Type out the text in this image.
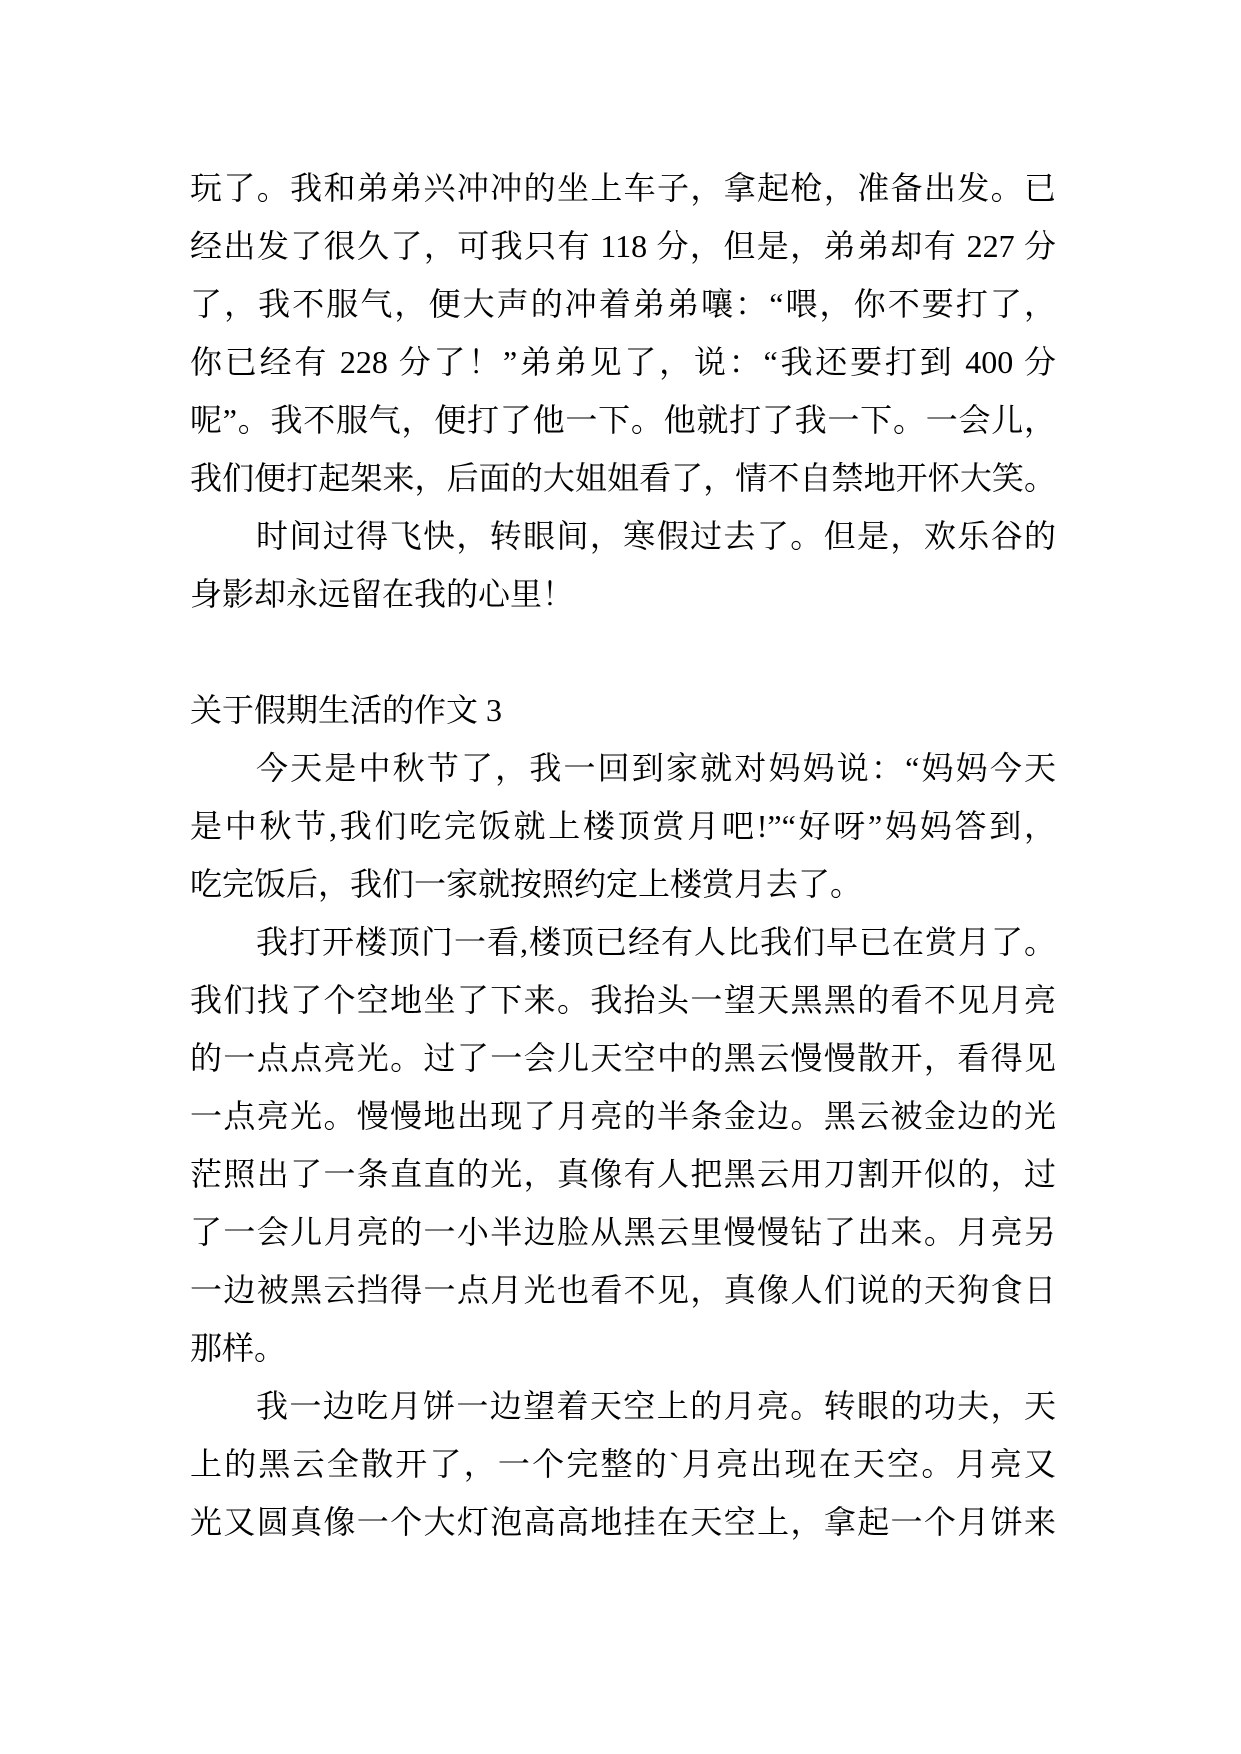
玩了。我和弟弟兴冲冲的坐上车子，拿起枪，准备出发。已
经出发了很久了，可我只有 118 分，但是，弟弟却有 227 分
了，我不服气，便大声的冲着弟弟嚷：“喂，你不要打了，
你已经有 228 分了！”弟弟见了，说：“我还要打到 400 分
呢”。我不服气，便打了他一下。他就打了我一下。一会儿，
我们便打起架来，后面的大姐姐看了，情不自禁地开怀大笑。
时间过得飞快，转眼间，寒假过去了。但是，欢乐谷的
身影却永远留在我的心里！
关于假期生活的作文 3
今天是中秋节了，我一回到家就对妈妈说：“妈妈今天
是中秋节,我们吃完饭就上楼顶赏月吧!”“好呀”妈妈答到，
吃完饭后，我们一家就按照约定上楼赏月去了。
我打开楼顶门一看,楼顶已经有人比我们早已在赏月了。
我们找了个空地坐了下来。我抬头一望天黑黑的看不见月亮
的一点点亮光。过了一会儿天空中的黑云慢慢散开，看得见
一点亮光。慢慢地出现了月亮的半条金边。黑云被金边的光
茫照出了一条直直的光，真像有人把黑云用刀割开似的，过
了一会儿月亮的一小半边脸从黑云里慢慢钻了出来。月亮另
一边被黑云挡得一点月光也看不见，真像人们说的天狗食日
那样。
我一边吃月饼一边望着天空上的月亮。转眼的功夫，天
上的黑云全散开了，一个完整的`月亮出现在天空。月亮又
光又圆真像一个大灯泡高高地挂在天空上，拿起一个月饼来
